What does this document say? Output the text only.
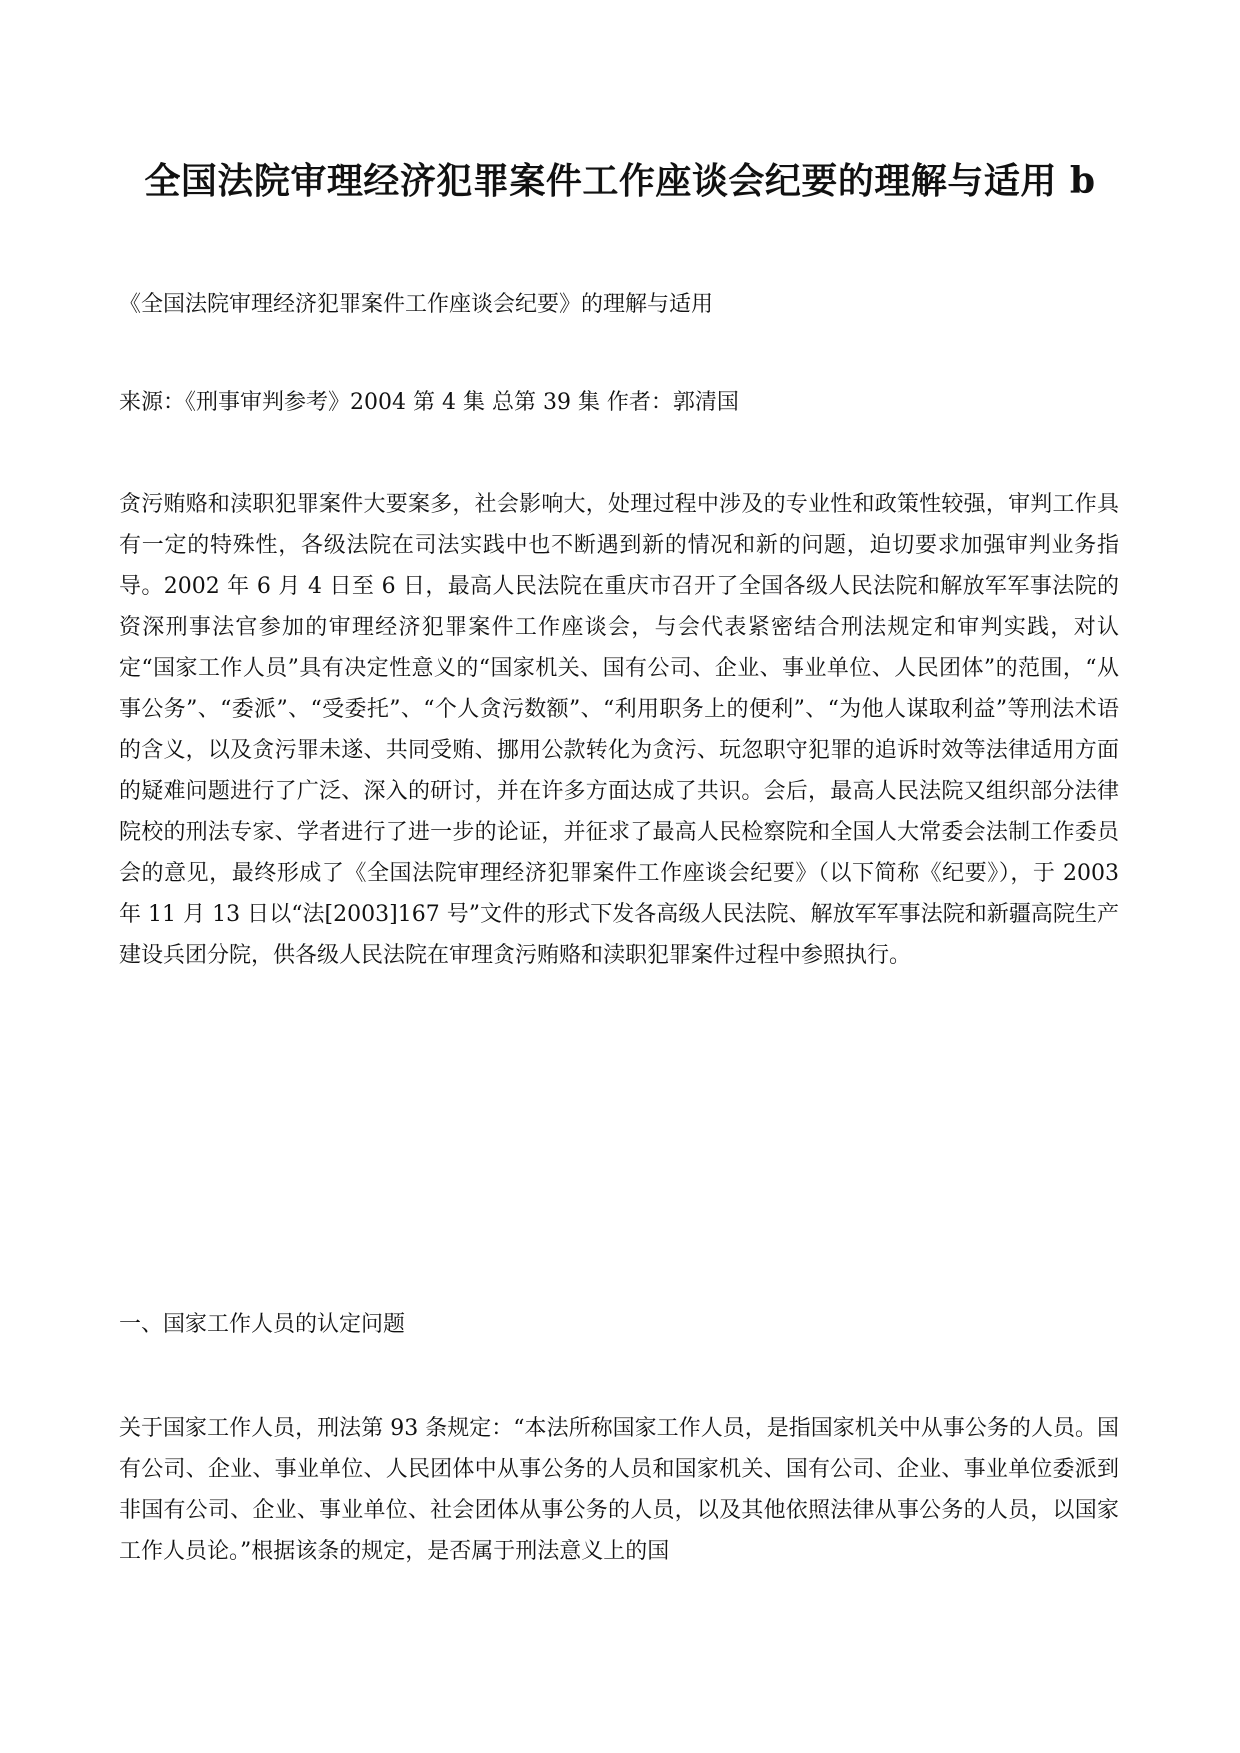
全国法院审理经济犯罪案件工作座谈会纪要的理解与适用 b

《全国法院审理经济犯罪案件工作座谈会纪要》的理解与适用

来源：《刑事审判参考》2004 第 4 集 总第 39 集 作者：郭清国

贪污贿赂和渎职犯罪案件大要案多，社会影响大，处理过程中涉及的专业性和政策性较强，审判工作具有一定的特殊性，各级法院在司法实践中也不断遇到新的情况和新的问题，迫切要求加强审判业务指导。2002 年 6 月 4 日至 6 日，最高人民法院在重庆市召开了全国各级人民法院和解放军军事法院的资深刑事法官参加的审理经济犯罪案件工作座谈会，与会代表紧密结合刑法规定和审判实践，对认定“国家工作人员”具有决定性意义的“国家机关、国有公司、企业、事业单位、人民团体”的范围，“从事公务”、“委派”、“受委托”、“个人贪污数额”、“利用职务上的便利”、“为他人谋取利益”等刑法术语的含义，以及贪污罪未遂、共同受贿、挪用公款转化为贪污、玩忽职守犯罪的追诉时效等法律适用方面的疑难问题进行了广泛、深入的研讨，并在许多方面达成了共识。会后，最高人民法院又组织部分法律院校的刑法专家、学者进行了进一步的论证，并征求了最高人民检察院和全国人大常委会法制工作委员会的意见，最终形成了《全国法院审理经济犯罪案件工作座谈会纪要》（以下简称《纪要》），于 2003 年 11 月 13 日以“法[2003]167 号”文件的形式下发各高级人民法院、解放军军事法院和新疆高院生产建设兵团分院，供各级人民法院在审理贪污贿赂和渎职犯罪案件过程中参照执行。

一、国家工作人员的认定问题

关于国家工作人员，刑法第 93 条规定：“本法所称国家工作人员，是指国家机关中从事公务的人员。国有公司、企业、事业单位、人民团体中从事公务的人员和国家机关、国有公司、企业、事业单位委派到非国有公司、企业、事业单位、社会团体从事公务的人员，以及其他依照法律从事公务的人员，以国家工作人员论。”根据该条的规定，是否属于刑法意义上的国
